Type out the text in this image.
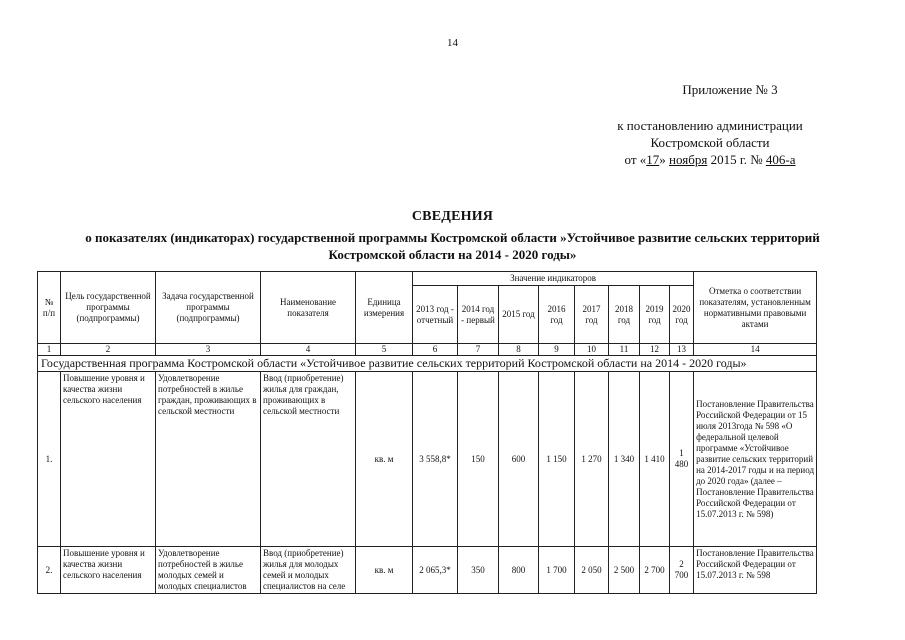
14
Приложение № 3
к постановлению администрации
Костромской области
от «17» ноября 2015 г. № 406-а
СВЕДЕНИЯ
о показателях (индикаторах) государственной программы Костромской области »Устойчивое развитие сельских территорий
Костромской области на 2014 - 2020 годы»
№ п/п	Цель государственной программы (подпрограммы)	Задача государственной программы (подпрограммы)	Наименование показателя	Единица измерения	Значение индикаторов								Отметка о соответствии показателям, установленным нормативными правовыми актами
					2013 год - отчетный	2014 год - первый	2015 год	2016 год	2017 год	2018 год	2019 год	2020 год	
1	2	3	4	5	6	7	8	9	10	11	12	13	14
Государственная программа Костромской области «Устойчивое развитие сельских территорий Костромской области на 2014 - 2020 годы»													
1.	Повышение уровня и качества жизни сельского населения	Удовлетворение потребностей в жилье граждан, проживающих в сельской местности	Ввод (приобретение) жилья для граждан, проживающих в сельской местности	кв. м	3 558,8*	150	600	1 150	1 270	1 340	1 410	1 480	Постановление Правительства Российской Федерации от 15 июля 2013года № 598 «О федеральной целевой программе «Устойчивое развитие сельских территорий на 2014-2017 годы и на период до 2020 года» (далее – Постановление Правительства Российской Федерации от 15.07.2013 г. № 598)
2.	Повышение уровня и качества жизни сельского населения	Удовлетворение потребностей в жилье молодых семей и молодых специалистов	Ввод (приобретение) жилья для молодых семей и молодых специалистов на селе	кв. м	2 065,3*	350	800	1 700	2 050	2 500	2 700	2 700	Постановление Правительства Российской Федерации от 15.07.2013 г. № 598
